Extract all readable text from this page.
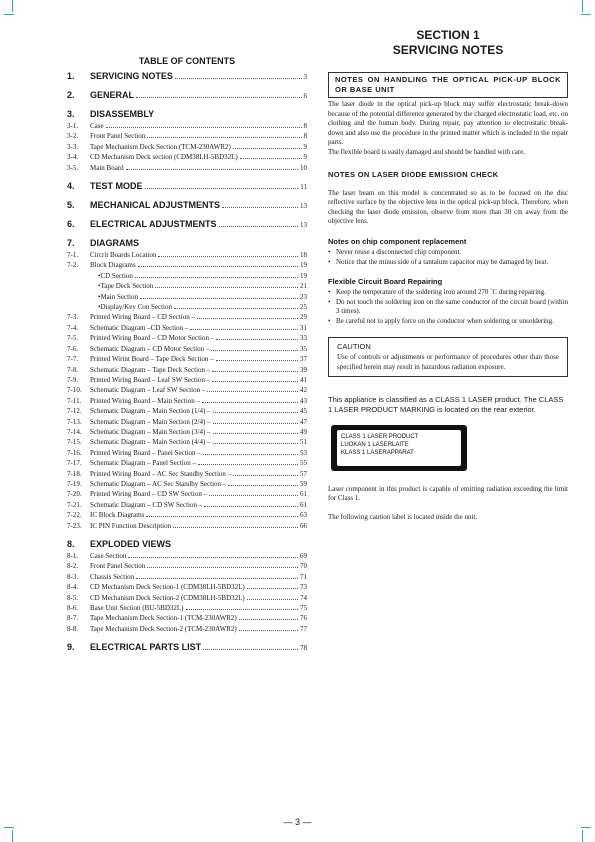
TABLE OF CONTENTS
1.	SERVICING NOTES	3
2.	GENERAL	6
3.	DISASSEMBLY
3-1.	Case	8
3-2.	Front Panel Section	8
3-3.	Tape Mechanism Deck Section (TCM-230AWR2)	9
3-4.	CD Mechanism Deck section (CDM38LH-5BD32L)	9
3-5.	Main Board	10
4.	TEST MODE	11
5.	MECHANICAL ADJUSTMENTS	13
6.	ELECTRICAL ADJUSTMENTS	13
7.	DIAGRAMS
7-1.	Circrit Boards Location	18
7-2.	Block Diagrams	19
•CD Section	19
•Tape Deck Section	21
•Main Section	23
•Display/Key Con Section	25
7-3.	Printed Wiring Board – CD Section –	29
7-4.	Schematic Diagram –CD Section –	31
7-5.	Printed Wiring Board – CD Motor Section –	33
7-6.	Schematic Diagram – CD Motor Section –	35
7-7.	Printed Wirint Board – Tape Deck Section –	37
7-8.	Schematic Diagram – Tape Deck Section –	39
7-9.	Printed Wiring Board – Leaf SW Section –	41
7-10.	Schematic Diagram – Leaf SW Section –	42
7-11.	Printed Wiring Board – Main Section –	43
7-12.	Schematic Diagram – Main Section (1/4) –	45
7-13.	Schematic Diagram – Main Section (2/4) –	47
7-14.	Schematic Diagram – Main Section (3/4) –	49
7-15.	Schematic Diagram – Main Section (4/4) –	51
7-16.	Printed Wiring Board – Panel Section –	53
7-17.	Schematic Diagram – Panel Section –	55
7-18.	Printed Wiring Board – AC Sec Standby Section –	57
7-19.	Schematic Diagram – AC Sec Standby Section –	59
7-20.	Printed Wiring Board – CD SW Section –	61
7-21.	Schematic Diagram – CD SW Section –	61
7-22.	IC Block Diagrams	63
7-23.	IC PIN Function Description	66
8.	EXPLODED VIEWS
8-1.	Case Section	69
8-2.	Front Panel Section	70
8-3.	Chassis Section	71
8-4.	CD Mechanism Deck Section-1 (CDM38LH-5BD32L)	73
8-5.	CD Mechanism Deck Section-2 (CDM38LH-5BD32L)	74
8-6.	Base Unit Section (BU-5BD32L)	75
8-7.	Tape Mechanism Deck Section-1 (TCM-230AWR2)	76
8-8.	Tape Mechanism Deck Section-2 (TCM-230AWR2)	77
9.	ELECTRICAL PARTS LIST	78
SECTION 1
SERVICING NOTES
NOTES ON HANDLING THE OPTICAL PICK-UP BLOCK OR BASE UNIT

The laser diode in the optical pick-up block may suffer electrostatic break-down because of the potential difference generated by the charged electrostatic load, etc. on clothing and the human body. During repair, pay attention to electrostatic break-down and also use the procedure in the printed matter which is included in the repair parts.

The flexible board is easily damaged and should be handled with care.

NOTES ON LASER DIODE EMISSION CHECK

The laser beam on this model is concentrated so as to be focused on the disc reflective surface by the objective lens in the optical pick-up block. Therefore, when checking the laser diode emission, observe from more than 30 cm away from the objective lens.

Notes on chip component replacement
• Never reuse a disconnected chip component.
• Notice that the minus side of a tantalum capacitor may be damaged by heat.
Flexible Circuit Board Repairing
• Keep the temperature of the soldering iron around 270 ˚C during repairing.
• Do not touch the soldering iron on the same conductor of the circuit board (within 3 times).
• Be careful not to apply force on the conductor when soldering or unsoldering.
CAUTION
Use of controls or adjustments or performance of procedures other than those specified herein may result in hazardous radiation exposure.
This appliance is classified as a CLASS 1 LASER product. The CLASS 1 LASER PRODUCT MARKING is located on the rear exterior.
CLASS 1 LASER PRODUCT
LUOKAN 1 LASERLAITE
KLASS 1 LASERAPPARAT

Laser component in this product is capable of emitting radiation exceeding the limit for Class 1.

The following caution label is located inside the unit.

— 3 —
